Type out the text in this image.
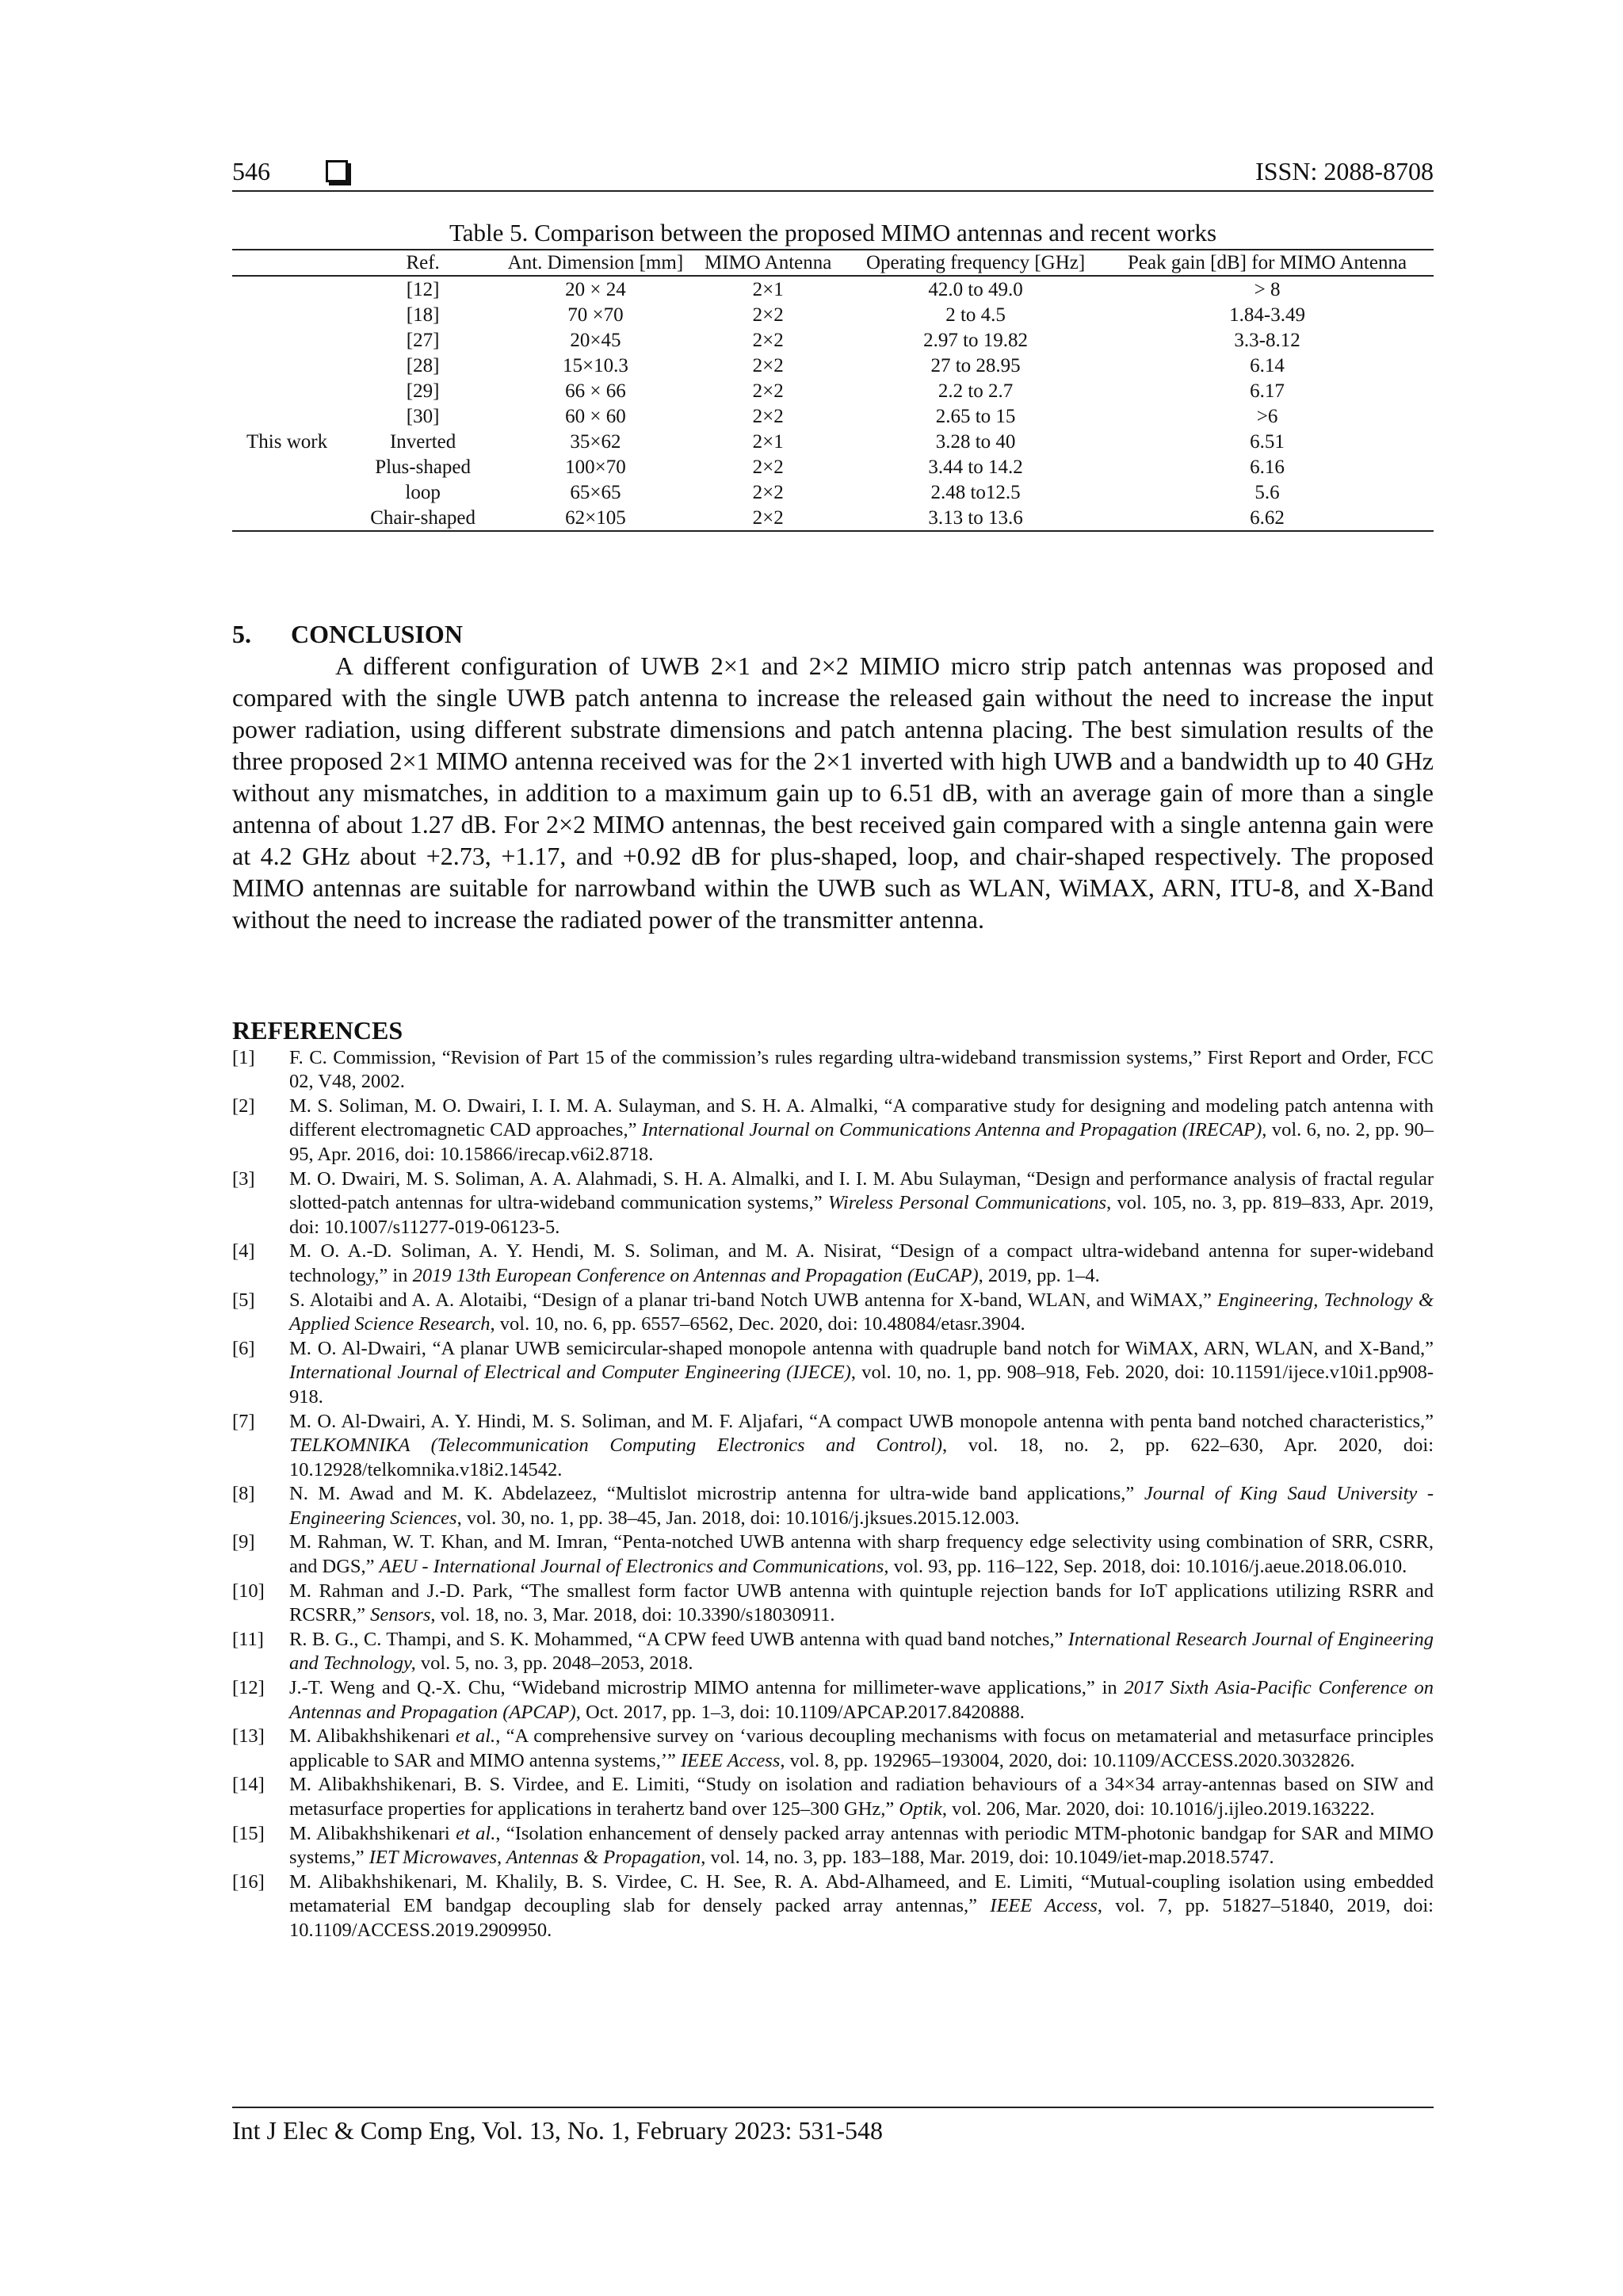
546	ISSN: 2088-8708
Table 5. Comparison between the proposed MIMO antennas and recent works
	Ref.	Ant. Dimension [mm]	MIMO Antenna	Operating frequency [GHz]	Peak gain [dB] for MIMO Antenna
	[12]	20 × 24	2×1	42.0 to 49.0	> 8
	[18]	70 ×70	2×2	2 to 4.5	1.84-3.49
	[27]	20×45	2×2	2.97 to 19.82	3.3-8.12
	[28]	15×10.3	2×2	27 to 28.95	6.14
	[29]	66 × 66	2×2	2.2 to 2.7	6.17
	[30]	60 × 60	2×2	2.65 to 15	>6
This work	Inverted	35×62	2×1	3.28 to 40	6.51
	Plus-shaped	100×70	2×2	3.44 to 14.2	6.16
	loop	65×65	2×2	2.48 to12.5	5.6
	Chair-shaped	62×105	2×2	3.13 to 13.6	6.62
5. CONCLUSION

A different configuration of UWB 2×1 and 2×2 MIMIO micro strip patch antennas was proposed and compared with the single UWB patch antenna to increase the released gain without the need to increase the input power radiation, using different substrate dimensions and patch antenna placing. The best simulation results of the three proposed 2×1 MIMO antenna received was for the 2×1 inverted with high UWB and a bandwidth up to 40 GHz without any mismatches, in addition to a maximum gain up to 6.51 dB, with an average gain of more than a single antenna of about 1.27 dB. For 2×2 MIMO antennas, the best received gain compared with a single antenna gain were at 4.2 GHz about +2.73, +1.17, and +0.92 dB for plus-shaped, loop, and chair-shaped respectively. The proposed MIMO antennas are suitable for narrowband within the UWB such as WLAN, WiMAX, ARN, ITU-8, and X-Band without the need to increase the radiated power of the transmitter antenna.

REFERENCES
[1]	F. C. Commission, “Revision of Part 15 of the commission’s rules regarding ultra-wideband transmission systems,” First Report and Order, FCC 02, V48, 2002.
[2]	M. S. Soliman, M. O. Dwairi, I. I. M. A. Sulayman, and S. H. A. Almalki, “A comparative study for designing and modeling patch antenna with different electromagnetic CAD approaches,” International Journal on Communications Antenna and Propagation (IRECAP), vol. 6, no. 2, pp. 90–95, Apr. 2016, doi: 10.15866/irecap.v6i2.8718.
[3]	M. O. Dwairi, M. S. Soliman, A. A. Alahmadi, S. H. A. Almalki, and I. I. M. Abu Sulayman, “Design and performance analysis of fractal regular slotted-patch antennas for ultra-wideband communication systems,” Wireless Personal Communications, vol. 105, no. 3, pp. 819–833, Apr. 2019, doi: 10.1007/s11277-019-06123-5.
[4]	M. O. A.-D. Soliman, A. Y. Hendi, M. S. Soliman, and M. A. Nisirat, “Design of a compact ultra-wideband antenna for super-wideband technology,” in 2019 13th European Conference on Antennas and Propagation (EuCAP), 2019, pp. 1–4.
[5]	S. Alotaibi and A. A. Alotaibi, “Design of a planar tri-band Notch UWB antenna for X-band, WLAN, and WiMAX,” Engineering, Technology & Applied Science Research, vol. 10, no. 6, pp. 6557–6562, Dec. 2020, doi: 10.48084/etasr.3904.
[6]	M. O. Al-Dwairi, “A planar UWB semicircular-shaped monopole antenna with quadruple band notch for WiMAX, ARN, WLAN, and X-Band,” International Journal of Electrical and Computer Engineering (IJECE), vol. 10, no. 1, pp. 908–918, Feb. 2020, doi: 10.11591/ijece.v10i1.pp908-918.
[7]	M. O. Al-Dwairi, A. Y. Hindi, M. S. Soliman, and M. F. Aljafari, “A compact UWB monopole antenna with penta band notched characteristics,” TELKOMNIKA (Telecommunication Computing Electronics and Control), vol. 18, no. 2, pp. 622–630, Apr. 2020, doi: 10.12928/telkomnika.v18i2.14542.
[8]	N. M. Awad and M. K. Abdelazeez, “Multislot microstrip antenna for ultra-wide band applications,” Journal of King Saud University - Engineering Sciences, vol. 30, no. 1, pp. 38–45, Jan. 2018, doi: 10.1016/j.jksues.2015.12.003.
[9]	M. Rahman, W. T. Khan, and M. Imran, “Penta-notched UWB antenna with sharp frequency edge selectivity using combination of SRR, CSRR, and DGS,” AEU - International Journal of Electronics and Communications, vol. 93, pp. 116–122, Sep. 2018, doi: 10.1016/j.aeue.2018.06.010.
[10]	M. Rahman and J.-D. Park, “The smallest form factor UWB antenna with quintuple rejection bands for IoT applications utilizing RSRR and RCSRR,” Sensors, vol. 18, no. 3, Mar. 2018, doi: 10.3390/s18030911.
[11]	R. B. G., C. Thampi, and S. K. Mohammed, “A CPW feed UWB antenna with quad band notches,” International Research Journal of Engineering and Technology, vol. 5, no. 3, pp. 2048–2053, 2018.
[12]	J.-T. Weng and Q.-X. Chu, “Wideband microstrip MIMO antenna for millimeter-wave applications,” in 2017 Sixth Asia-Pacific Conference on Antennas and Propagation (APCAP), Oct. 2017, pp. 1–3, doi: 10.1109/APCAP.2017.8420888.
[13]	M. Alibakhshikenari et al., “A comprehensive survey on ‘various decoupling mechanisms with focus on metamaterial and metasurface principles applicable to SAR and MIMO antenna systems,’” IEEE Access, vol. 8, pp. 192965–193004, 2020, doi: 10.1109/ACCESS.2020.3032826.
[14]	M. Alibakhshikenari, B. S. Virdee, and E. Limiti, “Study on isolation and radiation behaviours of a 34×34 array-antennas based on SIW and metasurface properties for applications in terahertz band over 125–300 GHz,” Optik, vol. 206, Mar. 2020, doi: 10.1016/j.ijleo.2019.163222.
[15]	M. Alibakhshikenari et al., “Isolation enhancement of densely packed array antennas with periodic MTM-photonic bandgap for SAR and MIMO systems,” IET Microwaves, Antennas & Propagation, vol. 14, no. 3, pp. 183–188, Mar. 2019, doi: 10.1049/iet-map.2018.5747.
[16]	M. Alibakhshikenari, M. Khalily, B. S. Virdee, C. H. See, R. A. Abd-Alhameed, and E. Limiti, “Mutual-coupling isolation using embedded metamaterial EM bandgap decoupling slab for densely packed array antennas,” IEEE Access, vol. 7, pp. 51827–51840, 2019, doi: 10.1109/ACCESS.2019.2909950.
Int J Elec & Comp Eng, Vol. 13, No. 1, February 2023: 531-548
